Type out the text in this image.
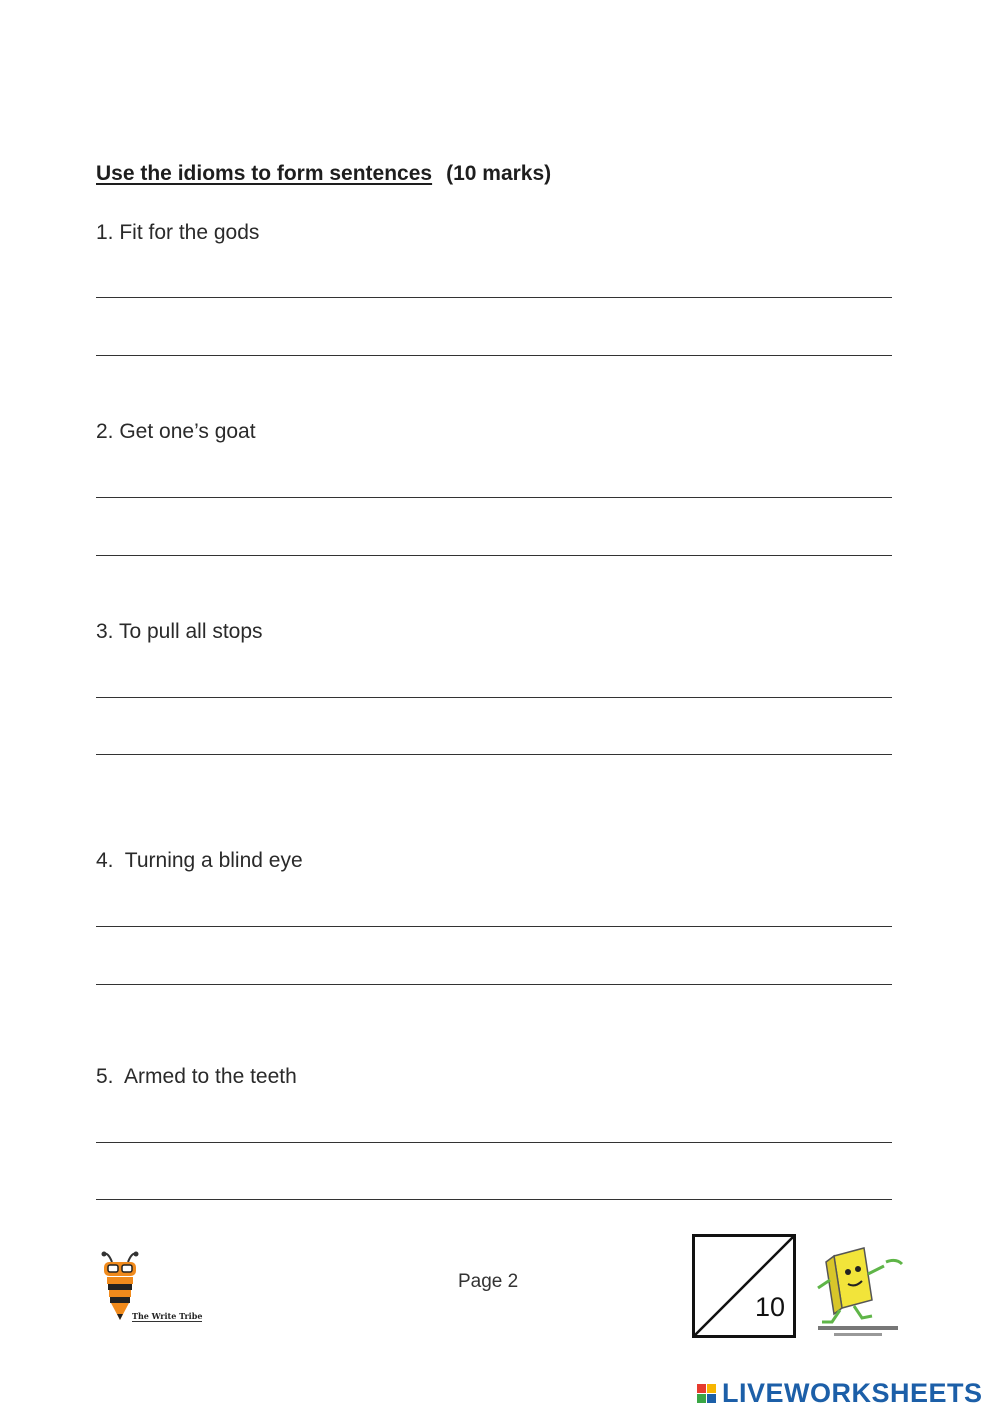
Use the idioms to form sentences (10 marks)
1. Fit for the gods
2. Get one’s goat
3. To pull all stops
4.  Turning a blind eye
5.  Armed to the teeth
The Write Tribe
Page 2
10
LIVEWORKSHEETS
